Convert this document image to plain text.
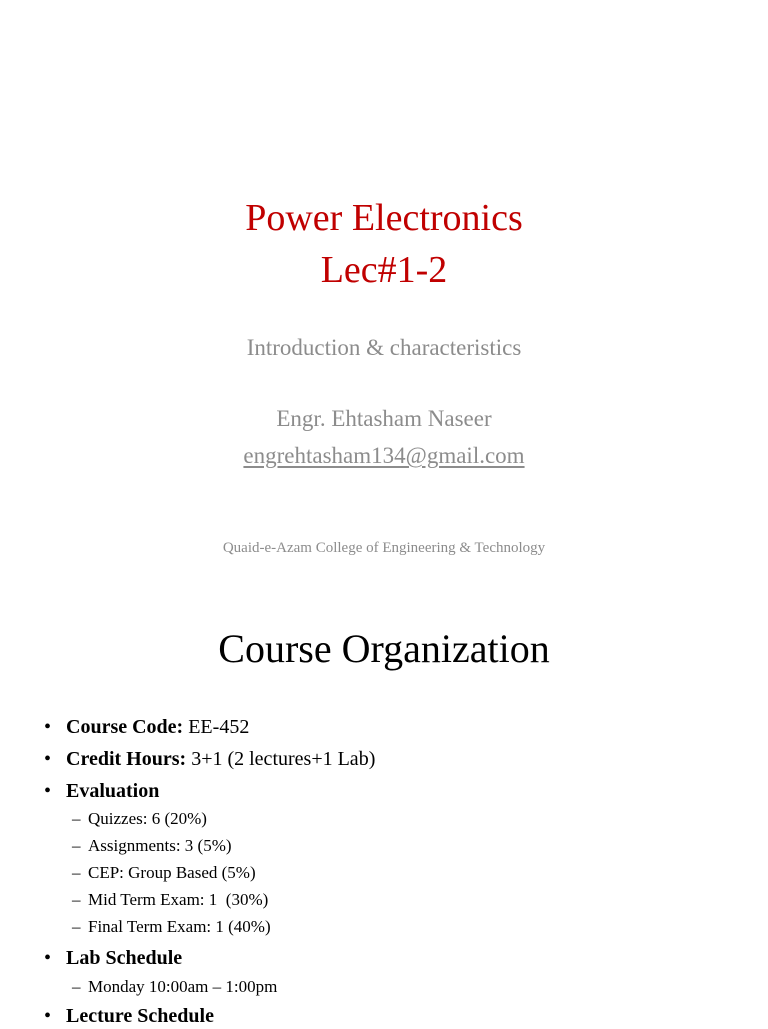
Power Electronics
Lec#1-2
Introduction & characteristics
Engr. Ehtasham Naseer
engrehtasham134@gmail.com
Quaid-e-Azam College of Engineering & Technology
Course Organization
• Course Code: EE-452
• Credit Hours: 3+1 (2 lectures+1 Lab)
• Evaluation
– Quizzes: 6 (20%)
– Assignments: 3 (5%)
– CEP: Group Based (5%)
– Mid Term Exam: 1  (30%)
– Final Term Exam: 1 (40%)
• Lab Schedule
– Monday 10:00am – 1:00pm
• Lecture Schedule
